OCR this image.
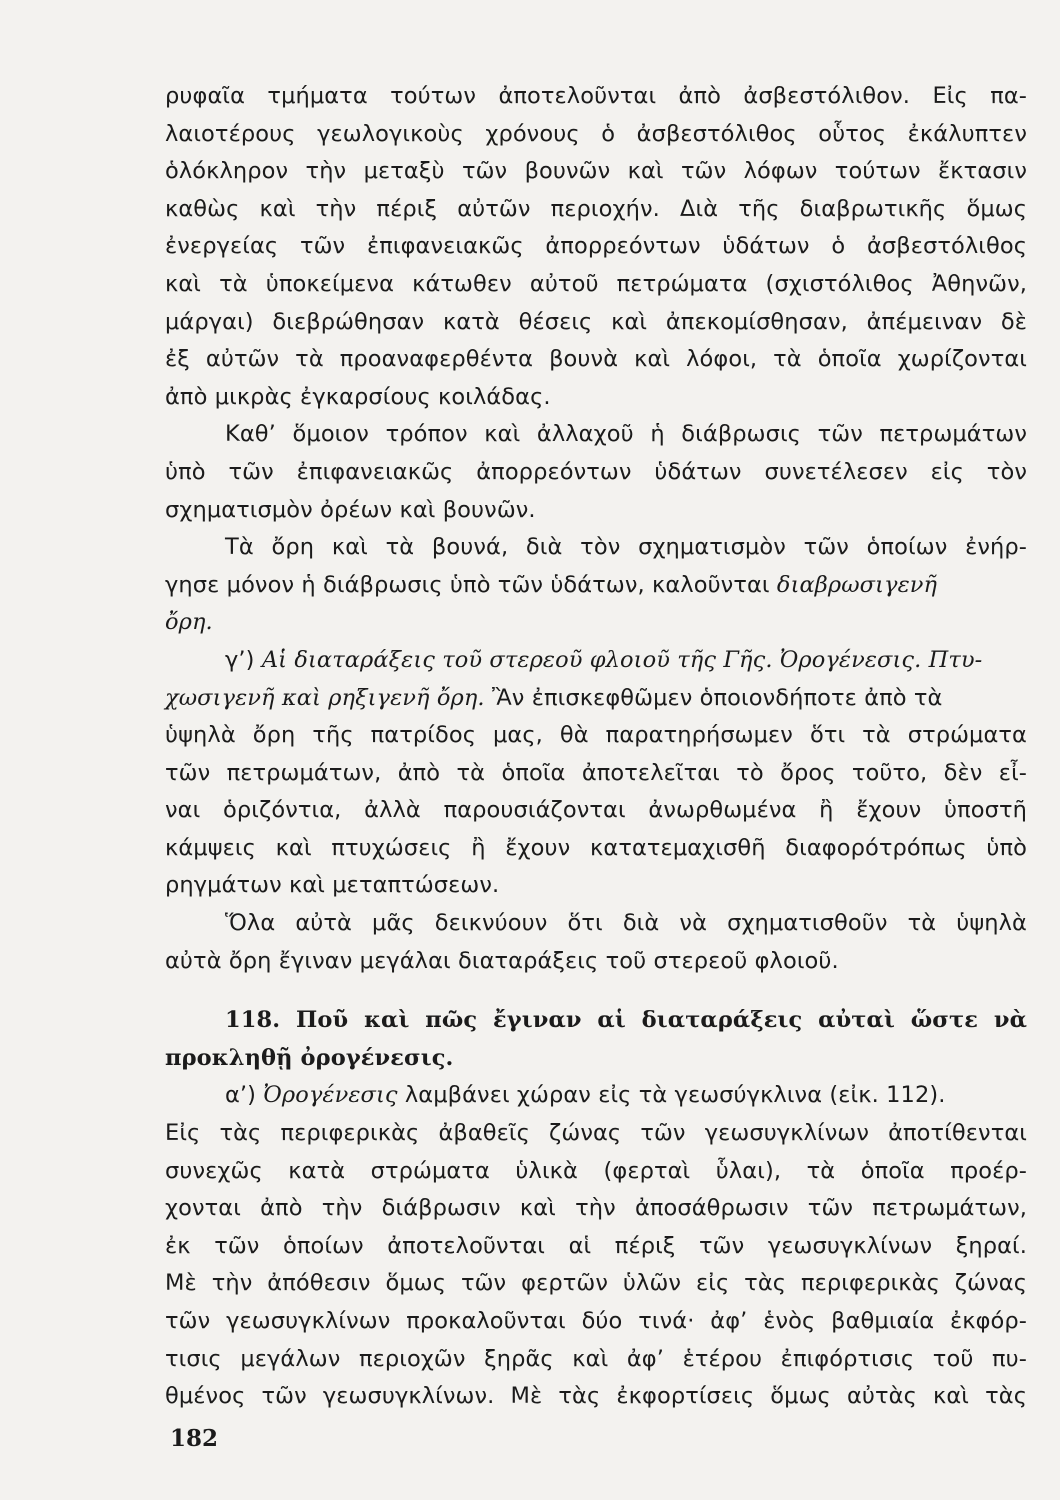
ρυφαῖα τμήματα τούτων ἀποτελοῦνται ἀπὸ ἀσβεστόλιθον. Εἰς πα-
λαιοτέρους γεωλογικοὺς χρόνους ὁ ἀσβεστόλιθος οὗτος ἐκάλυπτεν
ὁλόκληρον τὴν μεταξὺ τῶν βουνῶν καὶ τῶν λόφων τούτων ἔκτασιν
καθὼς καὶ τὴν πέριξ αὐτῶν περιοχήν. Διὰ τῆς διαβρωτικῆς ὅμως
ἐνεργείας τῶν ἐπιφανειακῶς ἀπορρεόντων ὑδάτων ὁ ἀσβεστόλιθος
καὶ τὰ ὑποκείμενα κάτωθεν αὐτοῦ πετρώματα (σχιστόλιθος Ἀθηνῶν,
μάργαι) διεβρώθησαν κατὰ θέσεις καὶ ἀπεκομίσθησαν, ἀπέμειναν δὲ
ἐξ αὐτῶν τὰ προαναφερθέντα βουνὰ καὶ λόφοι, τὰ ὁποῖα χωρίζονται
ἀπὸ μικρὰς ἐγκαρσίους κοιλάδας.
Καθ’ ὅμοιον τρόπον καὶ ἀλλαχοῦ ἡ διάβρωσις τῶν πετρωμάτων
ὑπὸ τῶν ἐπιφανειακῶς ἀπορρεόντων ὑδάτων συνετέλεσεν εἰς τὸν
σχηματισμὸν ὀρέων καὶ βουνῶν.
Τὰ ὄρη καὶ τὰ βουνά, διὰ τὸν σχηματισμὸν τῶν ὁποίων ἐνήρ-
γησε μόνον ἡ διάβρωσις ὑπὸ τῶν ὑδάτων, καλοῦνται διαβρωσιγενῆ
ὄρη.
γ’) Αἱ διαταράξεις τοῦ στερεοῦ φλοιοῦ τῆς Γῆς. Ὀρογένεσις. Πτυ-
χωσιγενῆ καὶ ρηξιγενῆ ὄρη. Ἂν ἐπισκεφθῶμεν ὁποιονδήποτε ἀπὸ τὰ
ὑψηλὰ ὄρη τῆς πατρίδος μας, θὰ παρατηρήσωμεν ὅτι τὰ στρώματα
τῶν πετρωμάτων, ἀπὸ τὰ ὁποῖα ἀποτελεῖται τὸ ὄρος τοῦτο, δὲν εἶ-
ναι ὁριζόντια, ἀλλὰ παρουσιάζονται ἀνωρθωμένα ἢ ἔχουν ὑποστῆ
κάμψεις καὶ πτυχώσεις ἢ ἔχουν κατατεμαχισθῆ διαφορότρόπως ὑπὸ
ρηγμάτων καὶ μεταπτώσεων.
Ὅλα αὐτὰ μᾶς δεικνύουν ὅτι διὰ νὰ σχηματισθοῦν τὰ ὑψηλὰ
αὐτὰ ὄρη ἔγιναν μεγάλαι διαταράξεις τοῦ στερεοῦ φλοιοῦ.
118. Ποῦ καὶ πῶς ἔγιναν αἱ διαταράξεις αὐταὶ ὥστε νὰ
προκληθῇ ὀρογένεσις.
α’) Ὀρογένεσις λαμβάνει χώραν εἰς τὰ γεωσύγκλινα (εἰκ. 112).
Εἰς τὰς περιφερικὰς ἀβαθεῖς ζώνας τῶν γεωσυγκλίνων ἀποτίθενται
συνεχῶς κατὰ στρώματα ὑλικὰ (φερταὶ ὗλαι), τὰ ὁποῖα προέρ-
χονται ἀπὸ τὴν διάβρωσιν καὶ τὴν ἀποσάθρωσιν τῶν πετρωμάτων,
ἐκ τῶν ὁποίων ἀποτελοῦνται αἱ πέριξ τῶν γεωσυγκλίνων ξηραί.
Μὲ τὴν ἀπόθεσιν ὅμως τῶν φερτῶν ὑλῶν εἰς τὰς περιφερικὰς ζώνας
τῶν γεωσυγκλίνων προκαλοῦνται δύο τινά· ἀφ’ ἑνὸς βαθμιαία ἐκφόρ-
τισις μεγάλων περιοχῶν ξηρᾶς καὶ ἀφ’ ἑτέρου ἐπιφόρτισις τοῦ πυ-
θμένος τῶν γεωσυγκλίνων. Μὲ τὰς ἐκφορτίσεις ὅμως αὐτὰς καὶ τὰς
182
